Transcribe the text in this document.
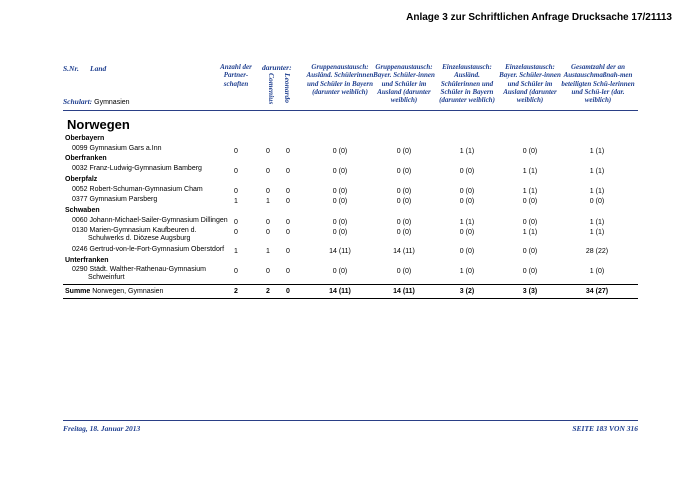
Anlage 3 zur Schriftlichen Anfrage Drucksache 17/21113
S.Nr. Land
Schulart: Gymnasien
Anzahl der Partner-schaften
darunter:
Comenius Leonardo
Gruppenaustausch: Ausländ. Schülerinnen und Schüler in Bayern (darunter weiblich)
Gruppenaustausch: Bayer. Schüler-innen und Schüler im Ausland (darunter weiblich)
Einzelaustausch: Ausländ. Schülerinnen und Schüler in Bayern (darunter weiblich)
Einzelaustausch: Bayer. Schüler-innen und Schüler im Ausland (darunter weiblich)
Gesamtzahl der an Austauschmaßnah-men beteiligten Schü-lerinnen und Schü-ler (dar. weiblich)
Norwegen
Oberbayern
Oberfranken
Oberpfalz
Schwaben
Unterfranken
0099 Gymnasium Gars a.Inn	0	0	0	0 (0)	0 (0)	1 (1)	0 (0)	1 (1)
0032 Franz-Ludwig-Gymnasium Bamberg	0	0	0	0 (0)	0 (0)	0 (0)	1 (1)	1 (1)
0052 Robert-Schuman-Gymnasium Cham	0	0	0	0 (0)	0 (0)	0 (0)	1 (1)	1 (1)
0377 Gymnasium Parsberg	1	1	0	0 (0)	0 (0)	0 (0)	0 (0)	0 (0)
0060 Johann-Michael-Sailer-Gymnasium Dillingen 0	0	0	0 (0)	0 (0)	1 (1)	0 (0)	1 (1)
0130 Marien-Gymnasium Kaufbeuren d.
Schulwerks d. Diözese Augsburg
0	0	0	0 (0)	0 (0)	0 (0)	1 (1)	1 (1)
0246 Gertrud-von-le-Fort-Gymnasium Oberstdorf	1	1	0	14 (11)	14 (11)	0 (0)	0 (0)	28 (22)
0290 Städt. Walther-Rathenau-Gymnasium
Schweinfurt
0	0	0	0 (0)	0 (0)	1 (0)	0 (0)	1 (0)
Summe Norwegen, Gymnasien	2	2	0	14 (11)	14 (11)	3 (2)	3 (3)	34 (27)
Freitag, 18. Januar 2013	SEITE 183 VON 316
